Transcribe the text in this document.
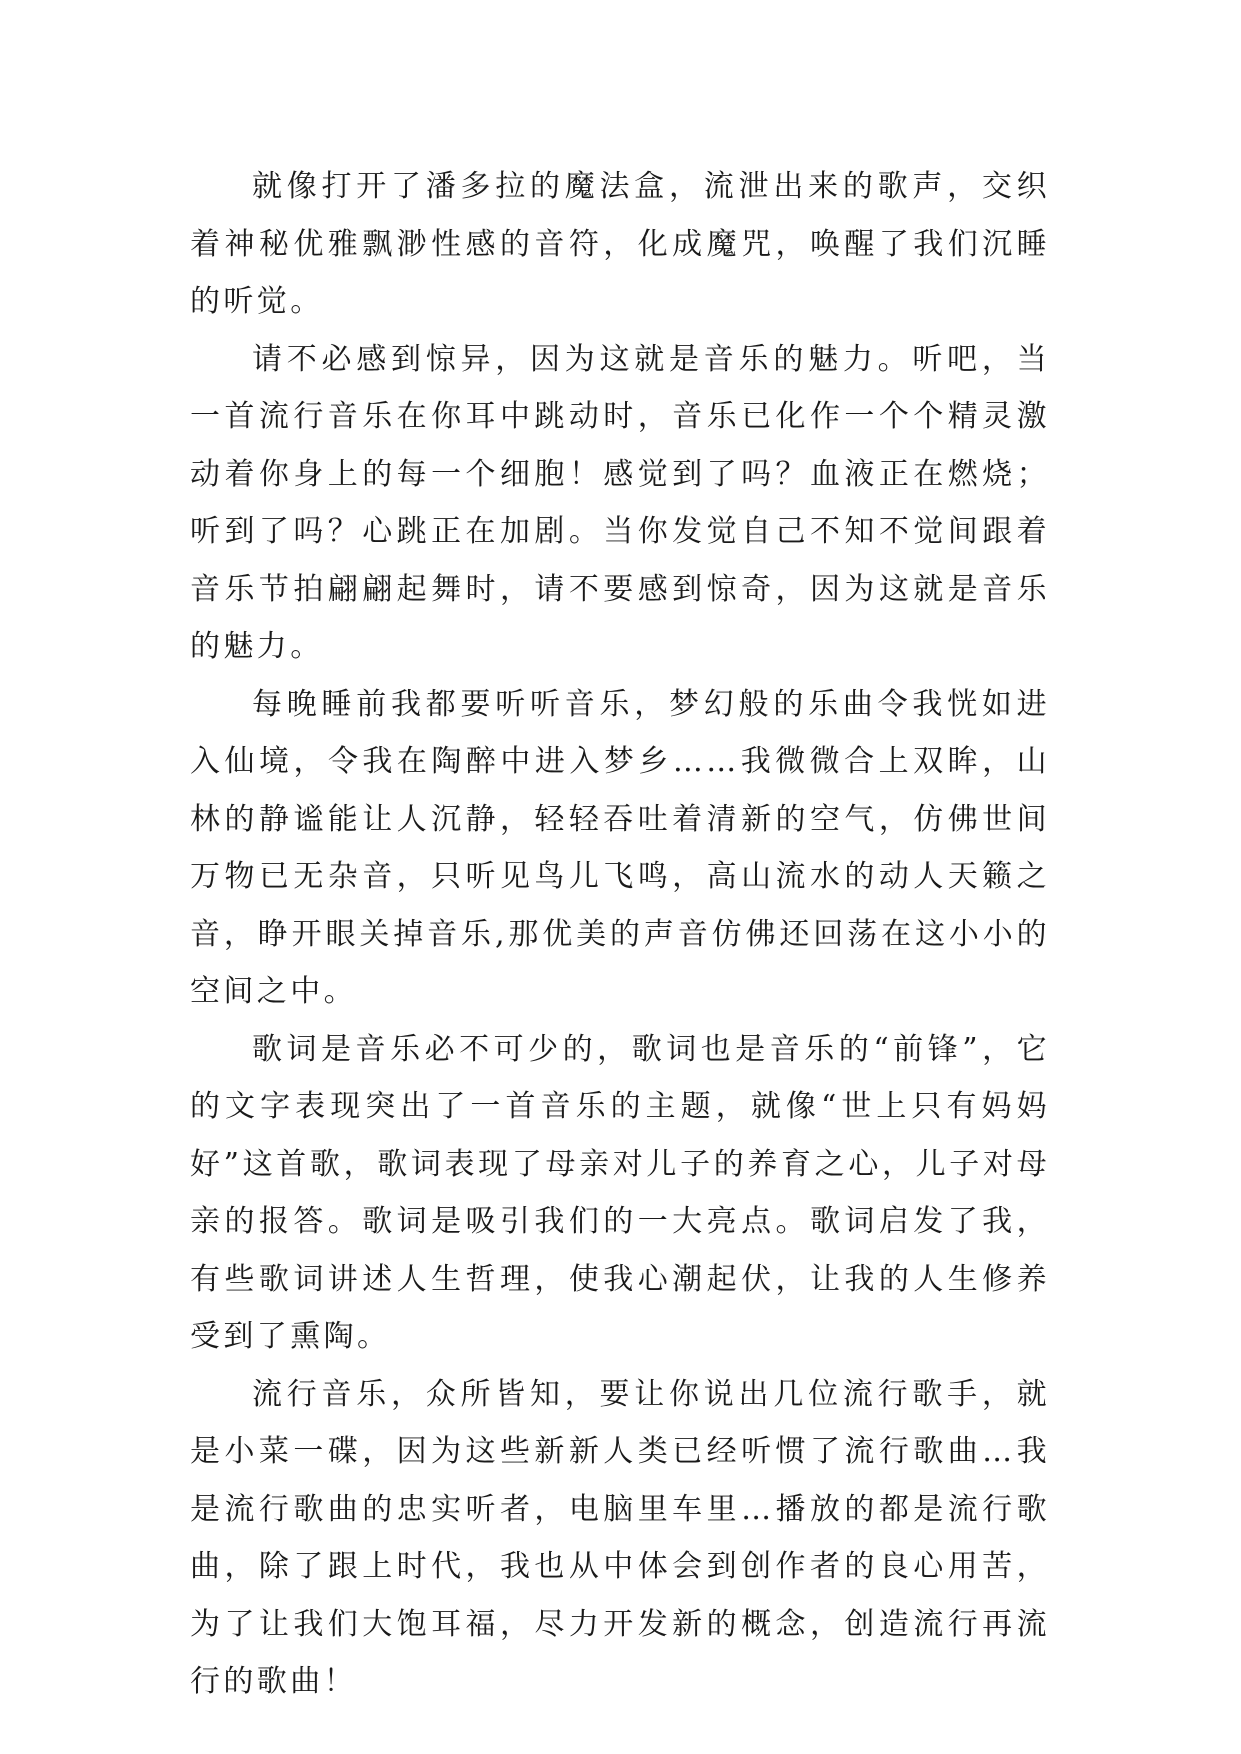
就像打开了潘多拉的魔法盒，流泄出来的歌声，交织着神秘优雅飘渺性感的音符，化成魔咒，唤醒了我们沉睡的听觉。

请不必感到惊异，因为这就是音乐的魅力。听吧，当一首流行音乐在你耳中跳动时，音乐已化作一个个精灵激动着你身上的每一个细胞！感觉到了吗？血液正在燃烧；听到了吗？心跳正在加剧。当你发觉自己不知不觉间跟着音乐节拍翩翩起舞时，请不要感到惊奇，因为这就是音乐的魅力。

每晚睡前我都要听听音乐，梦幻般的乐曲令我恍如进入仙境，令我在陶醉中进入梦乡……我微微合上双眸，山林的静谧能让人沉静，轻轻吞吐着清新的空气，仿佛世间万物已无杂音，只听见鸟儿飞鸣，高山流水的动人天籁之音，睁开眼关掉音乐,那优美的声音仿佛还回荡在这小小的空间之中。

歌词是音乐必不可少的，歌词也是音乐的“前锋”，它的文字表现突出了一首音乐的主题，就像“世上只有妈妈好”这首歌，歌词表现了母亲对儿子的养育之心，儿子对母亲的报答。歌词是吸引我们的一大亮点。歌词启发了我，有些歌词讲述人生哲理，使我心潮起伏，让我的人生修养受到了熏陶。

流行音乐，众所皆知，要让你说出几位流行歌手，就是小菜一碟，因为这些新新人类已经听惯了流行歌曲…我是流行歌曲的忠实听者，电脑里车里…播放的都是流行歌曲，除了跟上时代，我也从中体会到创作者的良心用苦，为了让我们大饱耳福，尽力开发新的概念，创造流行再流行的歌曲！
